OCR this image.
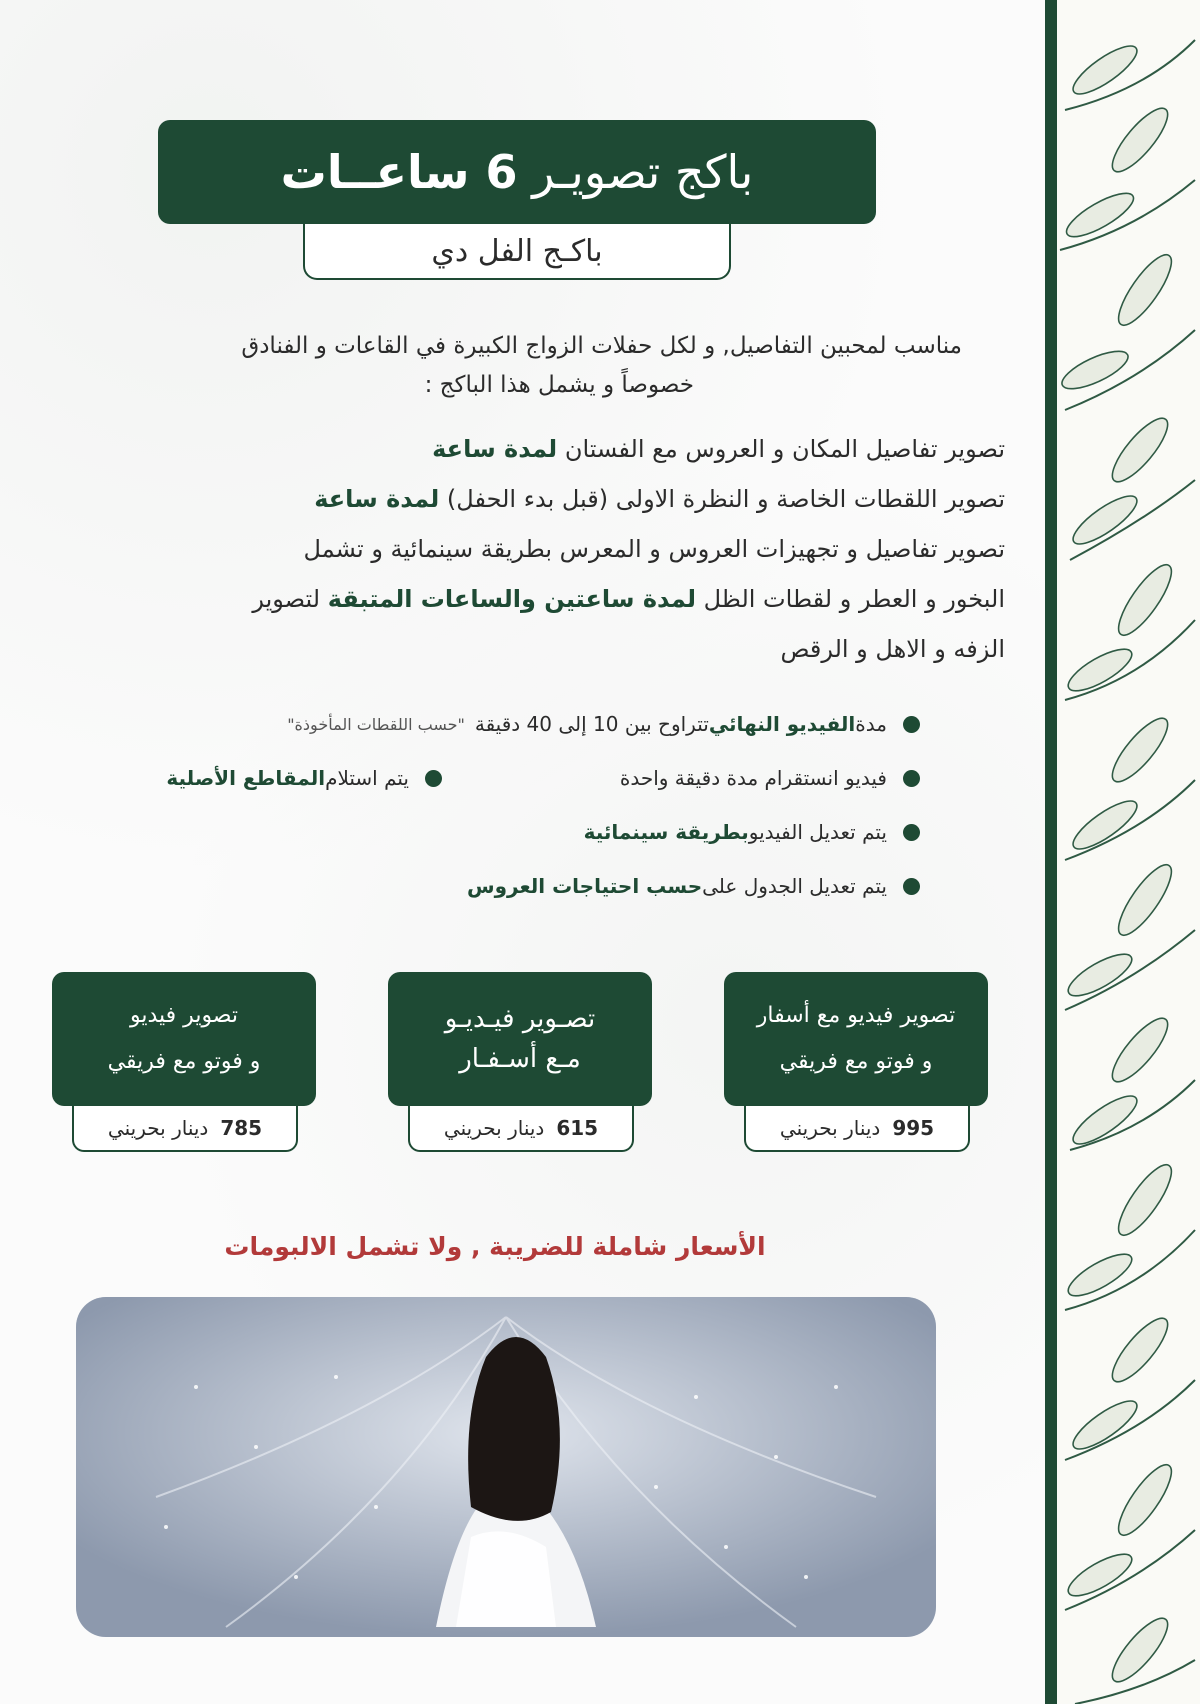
باكج تصويـر 6 ساعــات
باكـج الفل دي
مناسب لمحبين التفاصيل, و لكل حفلات الزواج الكبيرة في القاعات و الفنادق
خصوصاً و يشمل هذا الباكج :
تصوير تفاصيل المكان و العروس مع الفستان لمدة ساعة
تصوير اللقطات الخاصة و النظرة الاولى (قبل بدء الحفل) لمدة ساعة
تصوير تفاصيل و تجهيزات العروس و المعرس بطريقة سينمائية و تشمل
البخور و العطر و لقطات الظل لمدة ساعتين والساعات المتبقة لتصوير
الزفه و الاهل و الرقص
مدة
الفيديو النهائي
تتراوح بين 10 إلى 40 دقيقة
"حسب اللقطات المأخوذة"
فيديو انستقرام مدة دقيقة واحدة
يتم استلام
المقاطع الأصلية
يتم تعديل الفيديو
بطريقة سينمائية
يتم تعديل الجدول على
حسب احتياجات العروس
تصوير فيديو مع أسفار
و فوتو مع فريقي
995
دينار بحريني
تصـوير فيـديـو
مـع أسـفـار
615
دينار بحريني
تصوير فيديو
و فوتو مع فريقي
785
دينار بحريني
الأسعار شاملة للضريبة , ولا تشمل الالبومات
